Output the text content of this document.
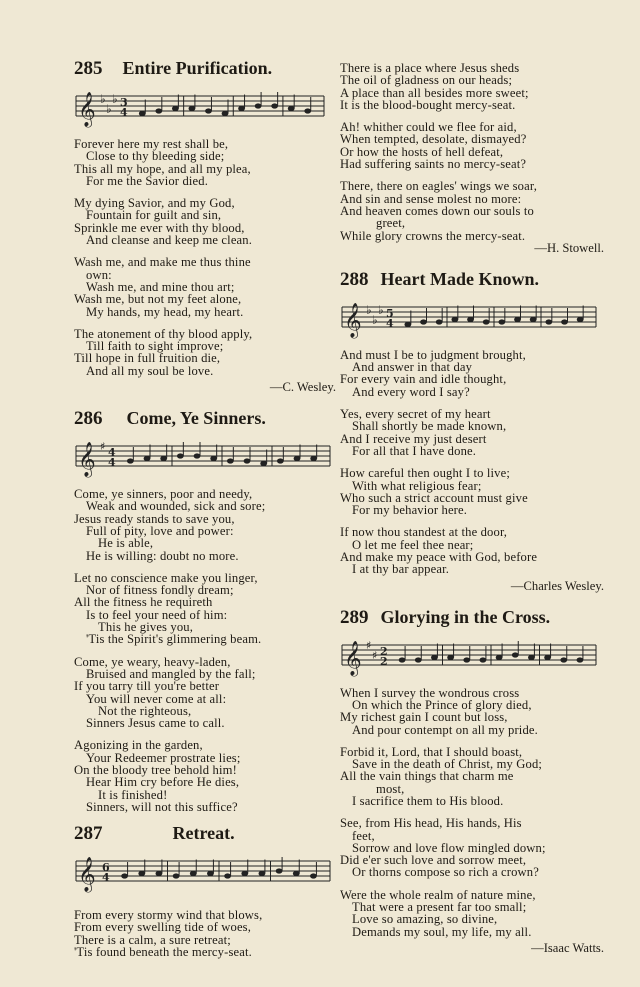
285 Entire Purification.
𝄞 ♭
♭
♭ 3
4
Forever here my rest shall be,
Close to thy bleeding side;
This all my hope, and all my plea,
For me the Savior died.
My dying Savior, and my God,
Fountain for guilt and sin,
Sprinkle me ever with thy blood,
And cleanse and keep me clean.
Wash me, and make me thus thine
own:
Wash me, and mine thou art;
Wash me, but not my feet alone,
My hands, my head, my heart.
The atonement of thy blood apply,
Till faith to sight improve;
Till hope in full fruition die,
And all my soul be love.
—C. Wesley.
286 Come, Ye Sinners.
𝄞 ♯ 4
4
Come, ye sinners, poor and needy,
Weak and wounded, sick and sore;
Jesus ready stands to save you,
Full of pity, love and power:
He is able,
He is willing: doubt no more.
Let no conscience make you linger,
Nor of fitness fondly dream;
All the fitness he requireth
Is to feel your need of him:
This he gives you,
'Tis the Spirit's glimmering beam.
Come, ye weary, heavy-laden,
Bruised and mangled by the fall;
If you tarry till you're better
You will never come at all:
Not the righteous,
Sinners Jesus came to call.
Agonizing in the garden,
Your Redeemer prostrate lies;
On the bloody tree behold him!
Hear Him cry before He dies,
It is finished!
Sinners, will not this suffice?
287	Retreat.
𝄞 6
4
From every stormy wind that blows,
From every swelling tide of woes,
There is a calm, a sure retreat;
'Tis found beneath the mercy-seat.
There is a place where Jesus sheds
The oil of gladness on our heads;
A place than all besides more sweet;
It is the blood-bought mercy-seat.
Ah! whither could we flee for aid,
When tempted, desolate, dismayed?
Or how the hosts of hell defeat,
Had suffering saints no mercy-seat?
There, there on eagles' wings we soar,
And sin and sense molest no more:
And heaven comes down our souls to
greet,
While glory crowns the mercy-seat.
—H. Stowell.
288 Heart Made Known.
𝄞 ♭
♭
♭ 5
4
And must I be to judgment brought,
And answer in that day
For every vain and idle thought,
And every word I say?
Yes, every secret of my heart
Shall shortly be made known,
And I receive my just desert
For all that I have done.
How careful then ought I to live;
With what religious fear;
Who such a strict account must give
For my behavior here.
If now thou standest at the door,
O let me feel thee near;
And make my peace with God, before
I at thy bar appear.
—Charles Wesley.
289 Glorying in the Cross.
𝄞 ♯
♯ 2
2
When I survey the wondrous cross
On which the Prince of glory died,
My richest gain I count but loss,
And pour contempt on all my pride.
Forbid it, Lord, that I should boast,
Save in the death of Christ, my God;
All the vain things that charm me
most,
I sacrifice them to His blood.
See, from His head, His hands, His
feet,
Sorrow and love flow mingled down;
Did e'er such love and sorrow meet,
Or thorns compose so rich a crown?
Were the whole realm of nature mine,
That were a present far too small;
Love so amazing, so divine,
Demands my soul, my life, my all.
—Isaac Watts.
